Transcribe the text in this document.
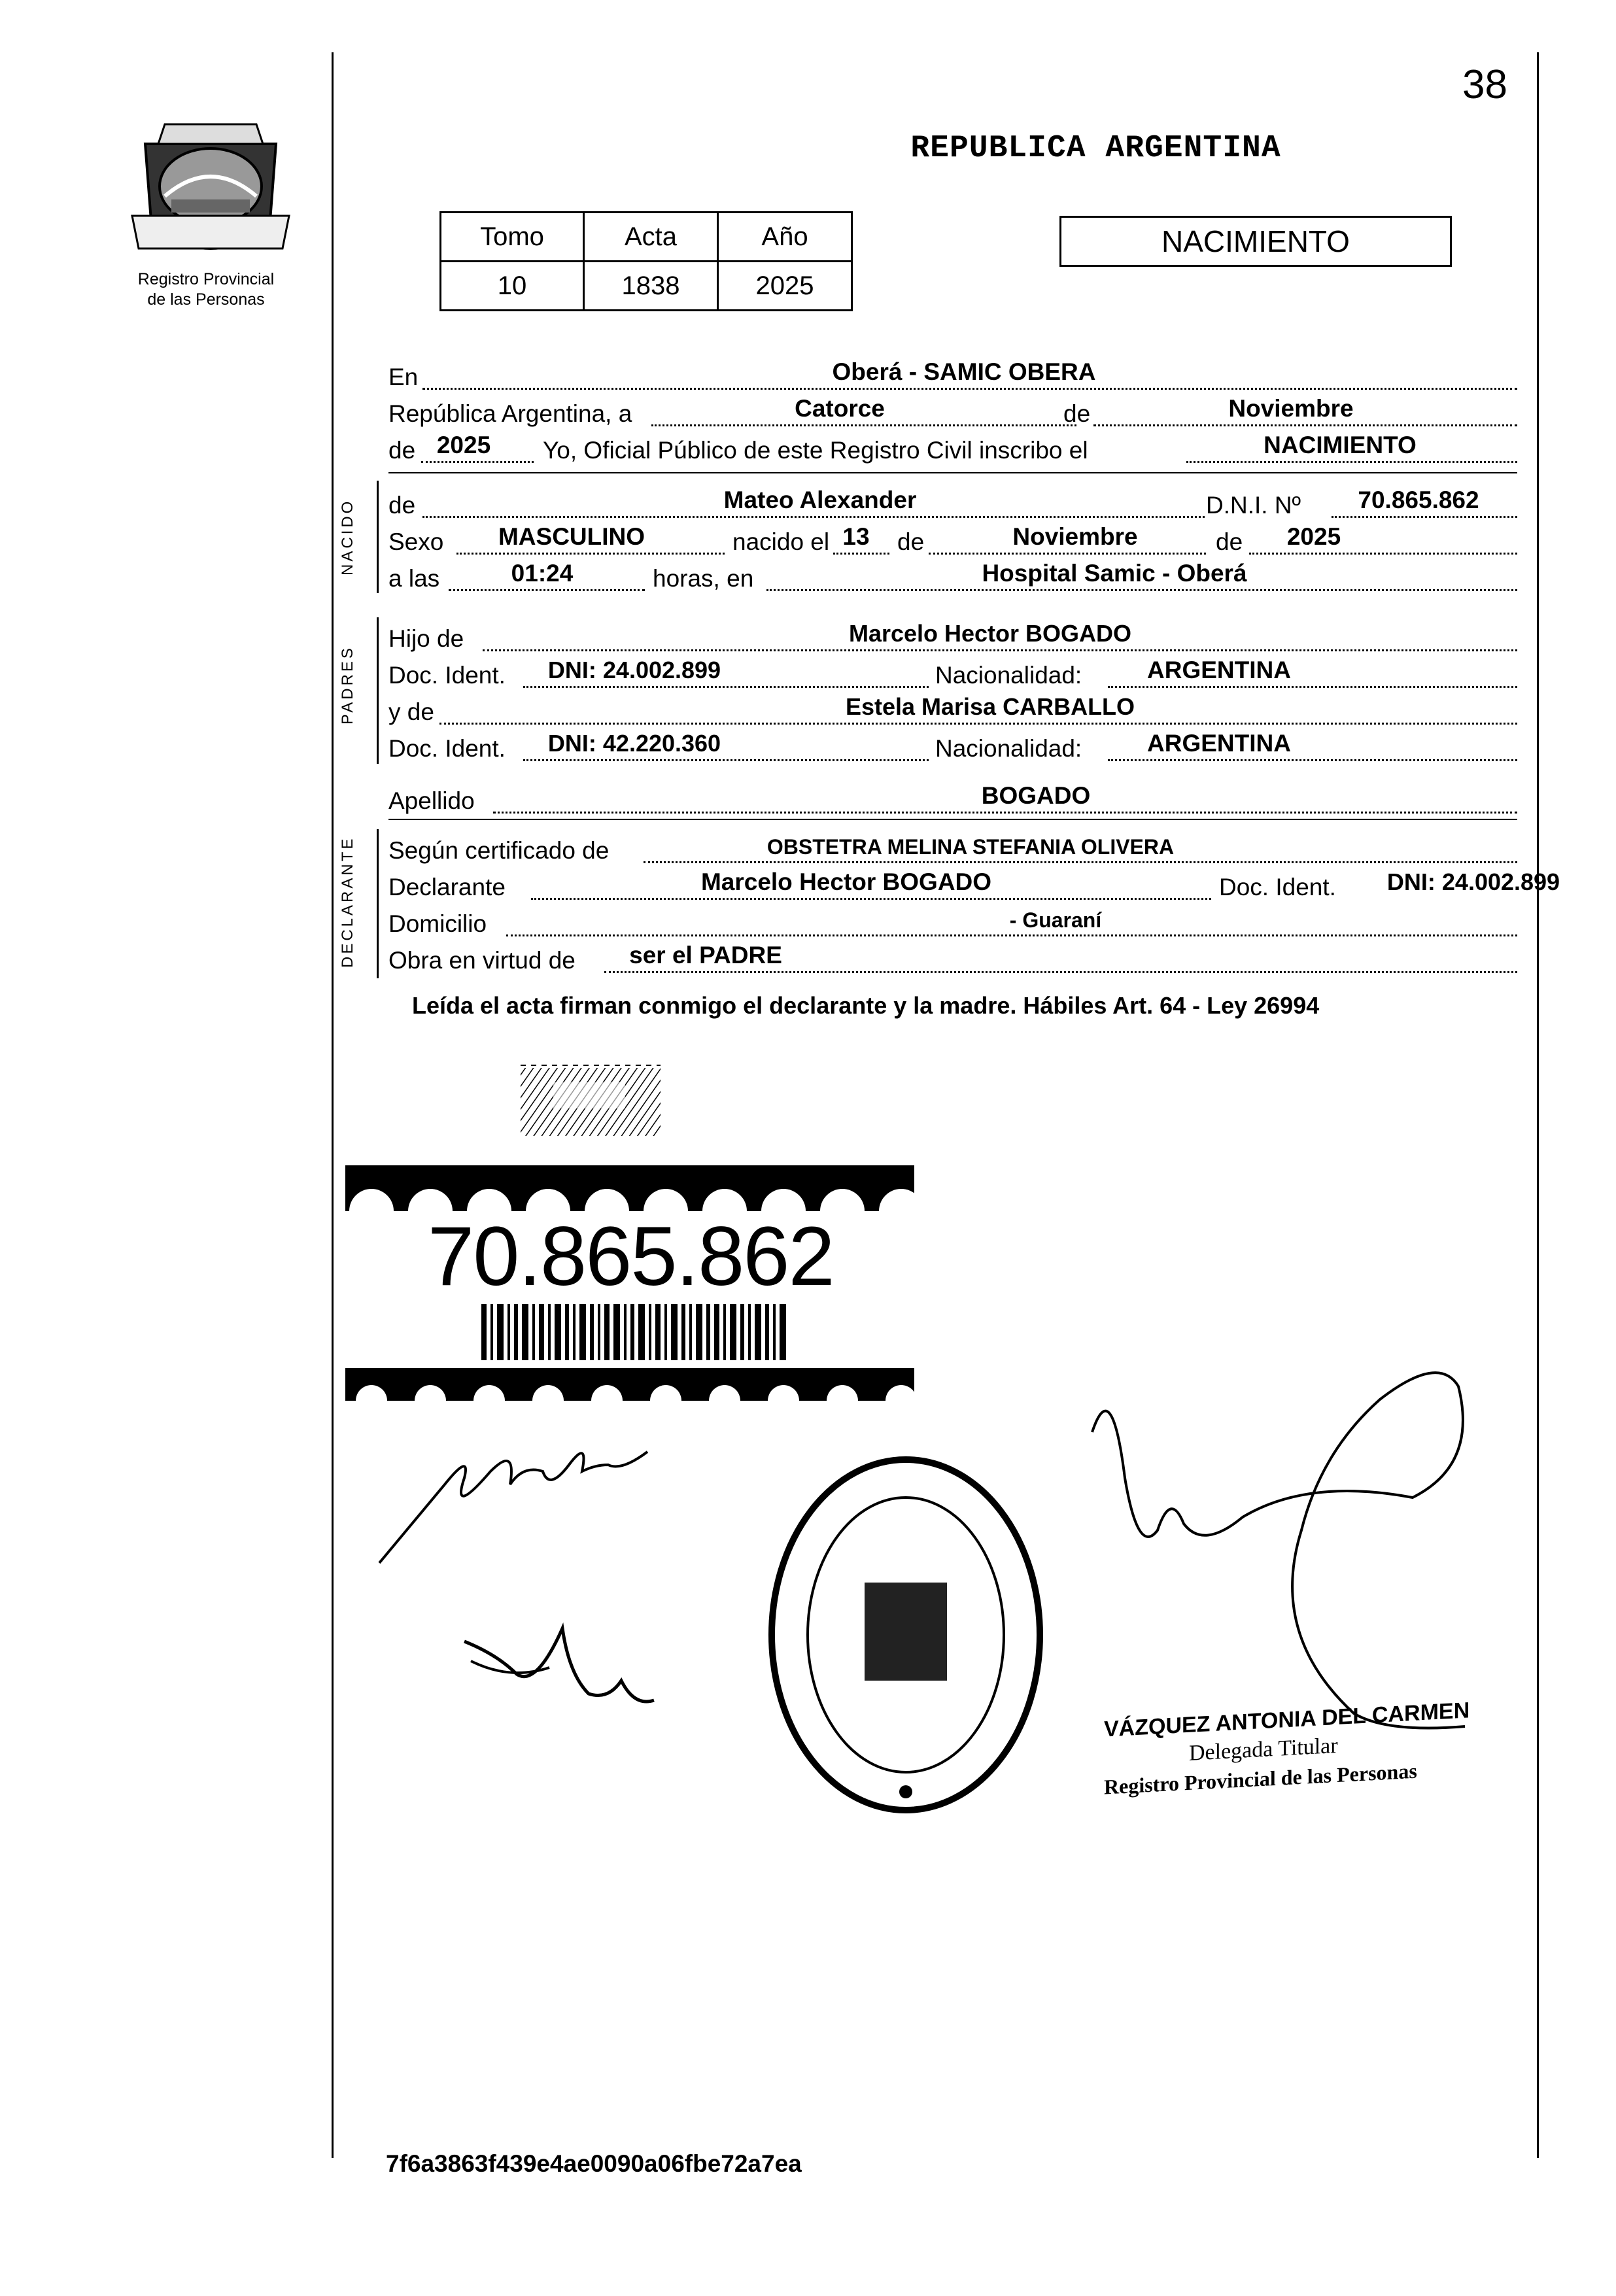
38
Registro Provincial
de las Personas
REPUBLICA ARGENTINA
Tomo	Acta	Año
10	1838	2025
NACIMIENTO
En	Oberá - SAMIC OBERA
República Argentina, a	Catorce	de	Noviembre
de 2025	Yo, Oficial Público de este Registro Civil inscribo el	NACIMIENTO
NACIDO de	Mateo Alexander	D.N.I. Nº	70.865.862
Sexo	MASCULINO	nacido el 13	de	Noviembre	de	2025
a las	01:24	horas, en	Hospital Samic - Oberá
PADRES
Hijo de	Marcelo Hector BOGADO
Doc. Ident.	DNI: 24.002.899	Nacionalidad:	ARGENTINA
y de	Estela Marisa CARBALLO
Doc. Ident.	DNI: 42.220.360	Nacionalidad:	ARGENTINA
Apellido	BOGADO
DECLARANTE Según certificado de	OBSTETRA MELINA STEFANIA OLIVERA
Declarante	Marcelo Hector BOGADO	Doc. Ident.	DNI: 24.002.899
Domicilio	- Guaraní
Obra en virtud de	ser el PADRE
Leída el acta firman conmigo el declarante y la madre. Hábiles Art. 64 - Ley 26994
70.865.862
VÁZQUEZ ANTONIA DEL CARMEN
Delegada Titular
Registro Provincial de las Personas
7f6a3863f439e4ae0090a06fbe72a7ea
